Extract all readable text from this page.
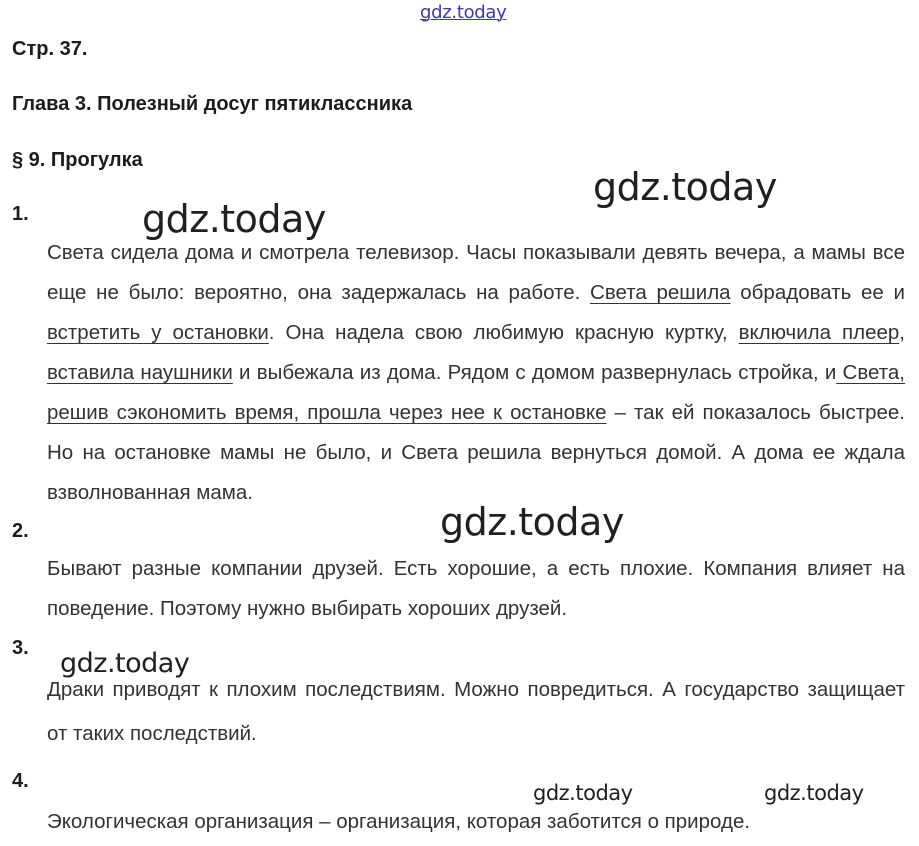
gdz.today
Стр. 37.
Глава 3. Полезный досуг пятиклассника
§ 9. Прогулка
gdz.today
gdz.today
gdz.today
gdz.today
gdz.today	gdz.today
1.

Света сидела дома и смотрела телевизор. Часы показывали девять вечера, а мамы все еще не было: вероятно, она задержалась на работе. Света решила обрадовать ее и встретить у остановки. Она надела свою любимую красную куртку, включила плеер, вставила наушники и выбежала из дома. Рядом с домом развернулась стройка, и Света, решив сэкономить время, прошла через нее к остановке – так ей показалось быстрее. Но на остановке мамы не было, и Света решила вернуться домой. А дома ее ждала взволнованная мама.

2.

Бывают разные компании друзей. Есть хорошие, а есть плохие. Компания влияет на поведение. Поэтому нужно выбирать хороших друзей.

3.

Драки приводят к плохим последствиям. Можно повредиться. А государство защищает от таких последствий.

4.

Экологическая организация – организация, которая заботится о природе.
